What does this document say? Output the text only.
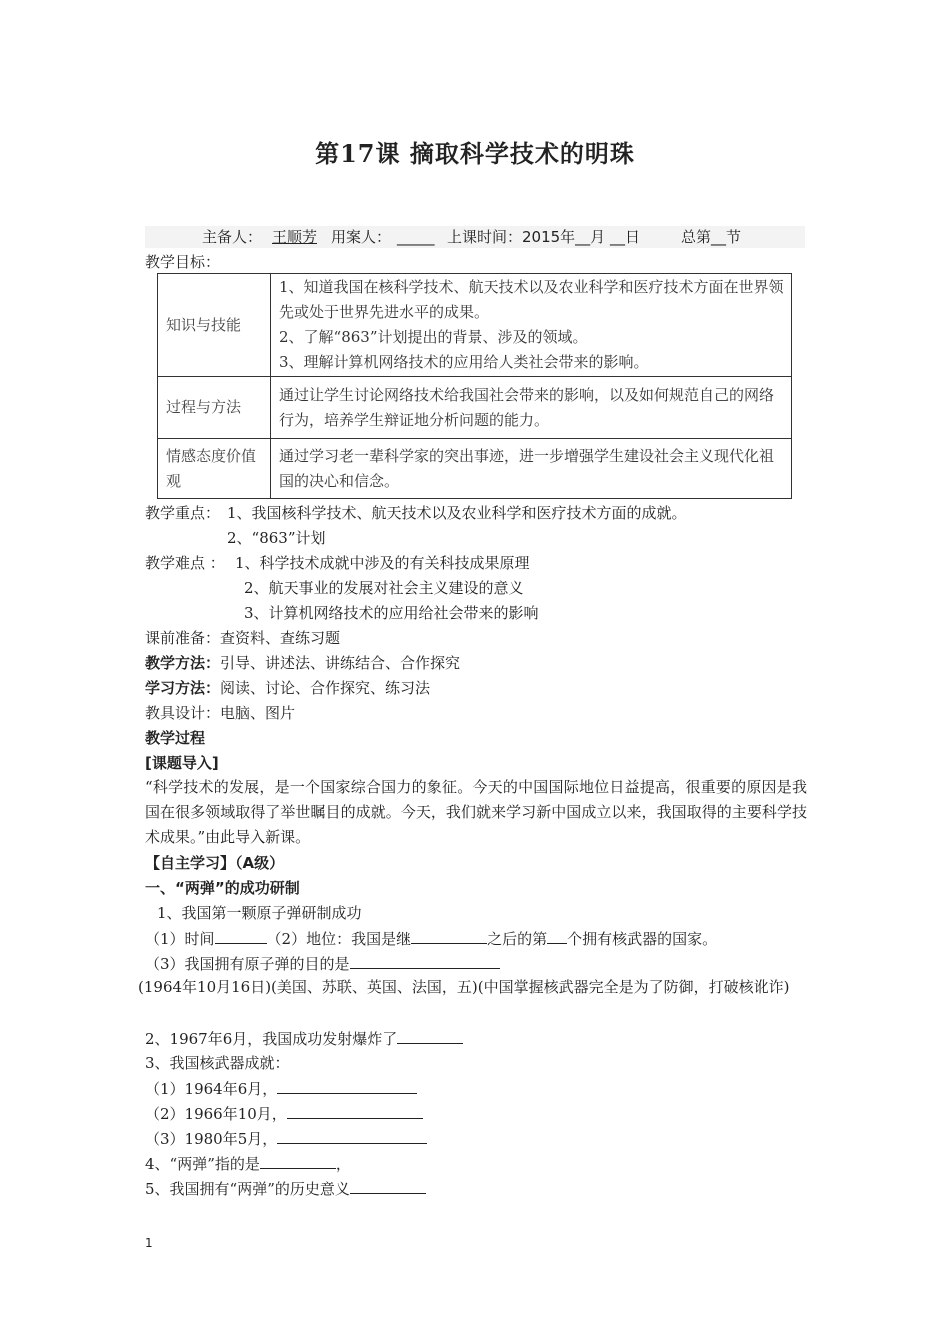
第17课 摘取科学技术的明珠
主备人： 王顺芳 用案人： _____ 上课时间：2015年__月 __日	总第__节
教学目标：
知识与技能	1、知道我国在核科学技术、航天技术以及农业科学和医疗技术方面在世界领先或处于世界先进水平的成果。
2、了解“863”计划提出的背景、涉及的领域。
3、理解计算机网络技术的应用给人类社会带来的影响。

过程与方法	通过让学生讨论网络技术给我国社会带来的影响，以及如何规范自己的网络行为，培养学生辩证地分析问题的能力。

情感态度价值 观	通过学习老一辈科学家的突出事迹，进一步增强学生建设社会主义现代化祖国的决心和信念。
教学重点： 1、我国核科学技术、航天技术以及农业科学和医疗技术方面的成就。
2、“863”计划
教学难点 ： 1、科学技术成就中涉及的有关科技成果原理
2、航天事业的发展对社会主义建设的意义
3、计算机网络技术的应用给社会带来的影响
课前准备：查资料、查练习题
教学方法：引导、讲述法、讲练结合、合作探究
学习方法：阅读、讨论、合作探究、练习法
教具设计：电脑、图片
教学过程
[课题导入]
“科学技术的发展，是一个国家综合国力的象征。今天的中国国际地位日益提高，很重要的原因是我国在很多领域取得了举世瞩目的成就。今天，我们就来学习新中国成立以来，我国取得的主要科学技术成果。”由此导入新课。
【自主学习】（A级）
一、“两弹”的成功研制
1、我国第一颗原子弹研制成功
（1）时间	（2）地位：我国是继	之后的第 个拥有核武器的国家。
（3）我国拥有原子弹的目的是
(1964年10月16日)(美国、苏联、英国、法国，五)(中国掌握核武器完全是为了防御，打破核讹诈)
2、1967年6月，我国成功发射爆炸了
3、我国核武器成就：
（1）1964年6月，
（2）1966年10月，
（3）1980年5月，
4、“两弹”指的是	，
5、我国拥有“两弹”的历史意义
1
